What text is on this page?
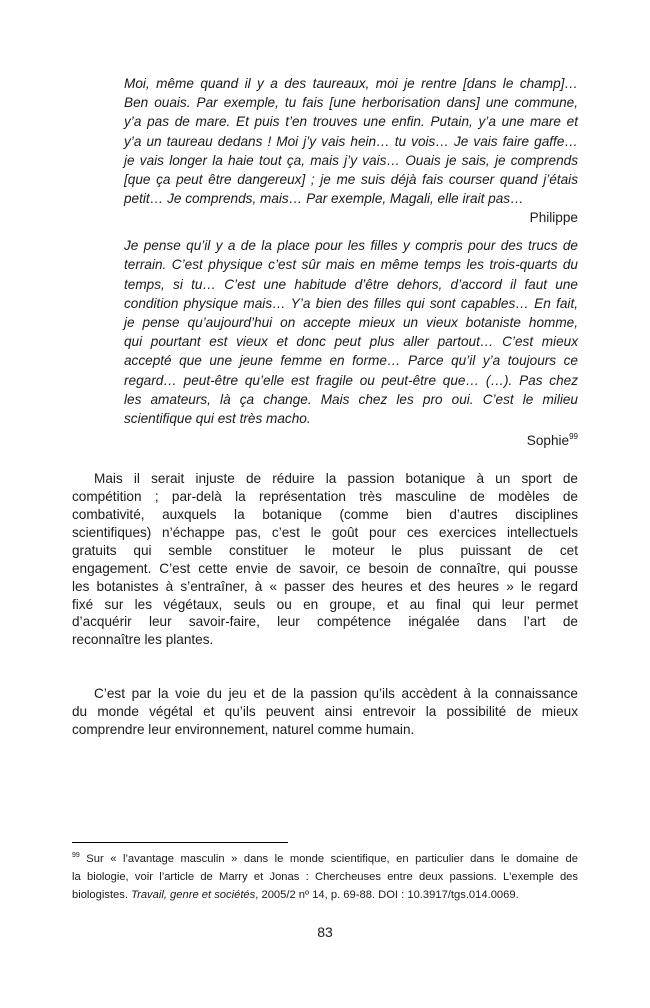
Moi, même quand il y a des taureaux, moi je rentre [dans le champ]…
Ben ouais. Par exemple, tu fais [une herborisation dans] une commune,
y’a pas de mare. Et puis t’en trouves une enfin. Putain, y’a une mare et
y’a un taureau dedans ! Moi j’y vais hein… tu vois… Je vais faire gaffe…
je vais longer la haie tout ça, mais j’y vais… Ouais je sais, je comprends
[que ça peut être dangereux] ; je me suis déjà fais courser quand j’étais
petit… Je comprends, mais… Par exemple, Magali, elle irait pas…
Philippe
Je pense qu’il y a de la place pour les filles y compris pour des trucs de
terrain. C’est physique c’est sûr mais en même temps les trois-quarts du
temps, si tu… C’est une habitude d’être dehors, d’accord il faut une
condition physique mais… Y’a bien des filles qui sont capables… En fait,
je pense qu’aujourd’hui on accepte mieux un vieux botaniste homme,
qui pourtant est vieux et donc peut plus aller partout… C’est mieux
accepté que une jeune femme en forme… Parce qu’il y’a toujours ce
regard… peut-être qu’elle est fragile ou peut-être que… (…). Pas chez
les amateurs, là ça change. Mais chez les pro oui. C’est le milieu
scientifique qui est très macho.
Sophie$^{99}$
Mais il serait injuste de réduire la passion botanique à un sport de
compétition ; par-delà la représentation très masculine de modèles de
combativité, auxquels la botanique (comme bien d’autres disciplines
scientifiques) n’échappe pas, c’est le goût pour ces exercices intellectuels
gratuits qui semble constituer le moteur le plus puissant de cet
engagement. C’est cette envie de savoir, ce besoin de connaître, qui pousse
les botanistes à s’entraîner, à « passer des heures et des heures » le regard
fixé sur les végétaux, seuls ou en groupe, et au final qui leur permet
d’acquérir leur savoir-faire, leur compétence inégalée dans l’art de
reconnaître les plantes.
C’est par la voie du jeu et de la passion qu’ils accèdent à la connaissance
du monde végétal et qu’ils peuvent ainsi entrevoir la possibilité de mieux
comprendre leur environnement, naturel comme humain.
$^{99}$ Sur « l’avantage masculin » dans le monde scientifique, en particulier dans le domaine de
la biologie, voir l’article de Marry et Jonas : Chercheuses entre deux passions. L'exemple des
biologistes. Travail, genre et sociétés, 2005/2 nº 14, p. 69-88. DOI : 10.3917/tgs.014.0069.
83
